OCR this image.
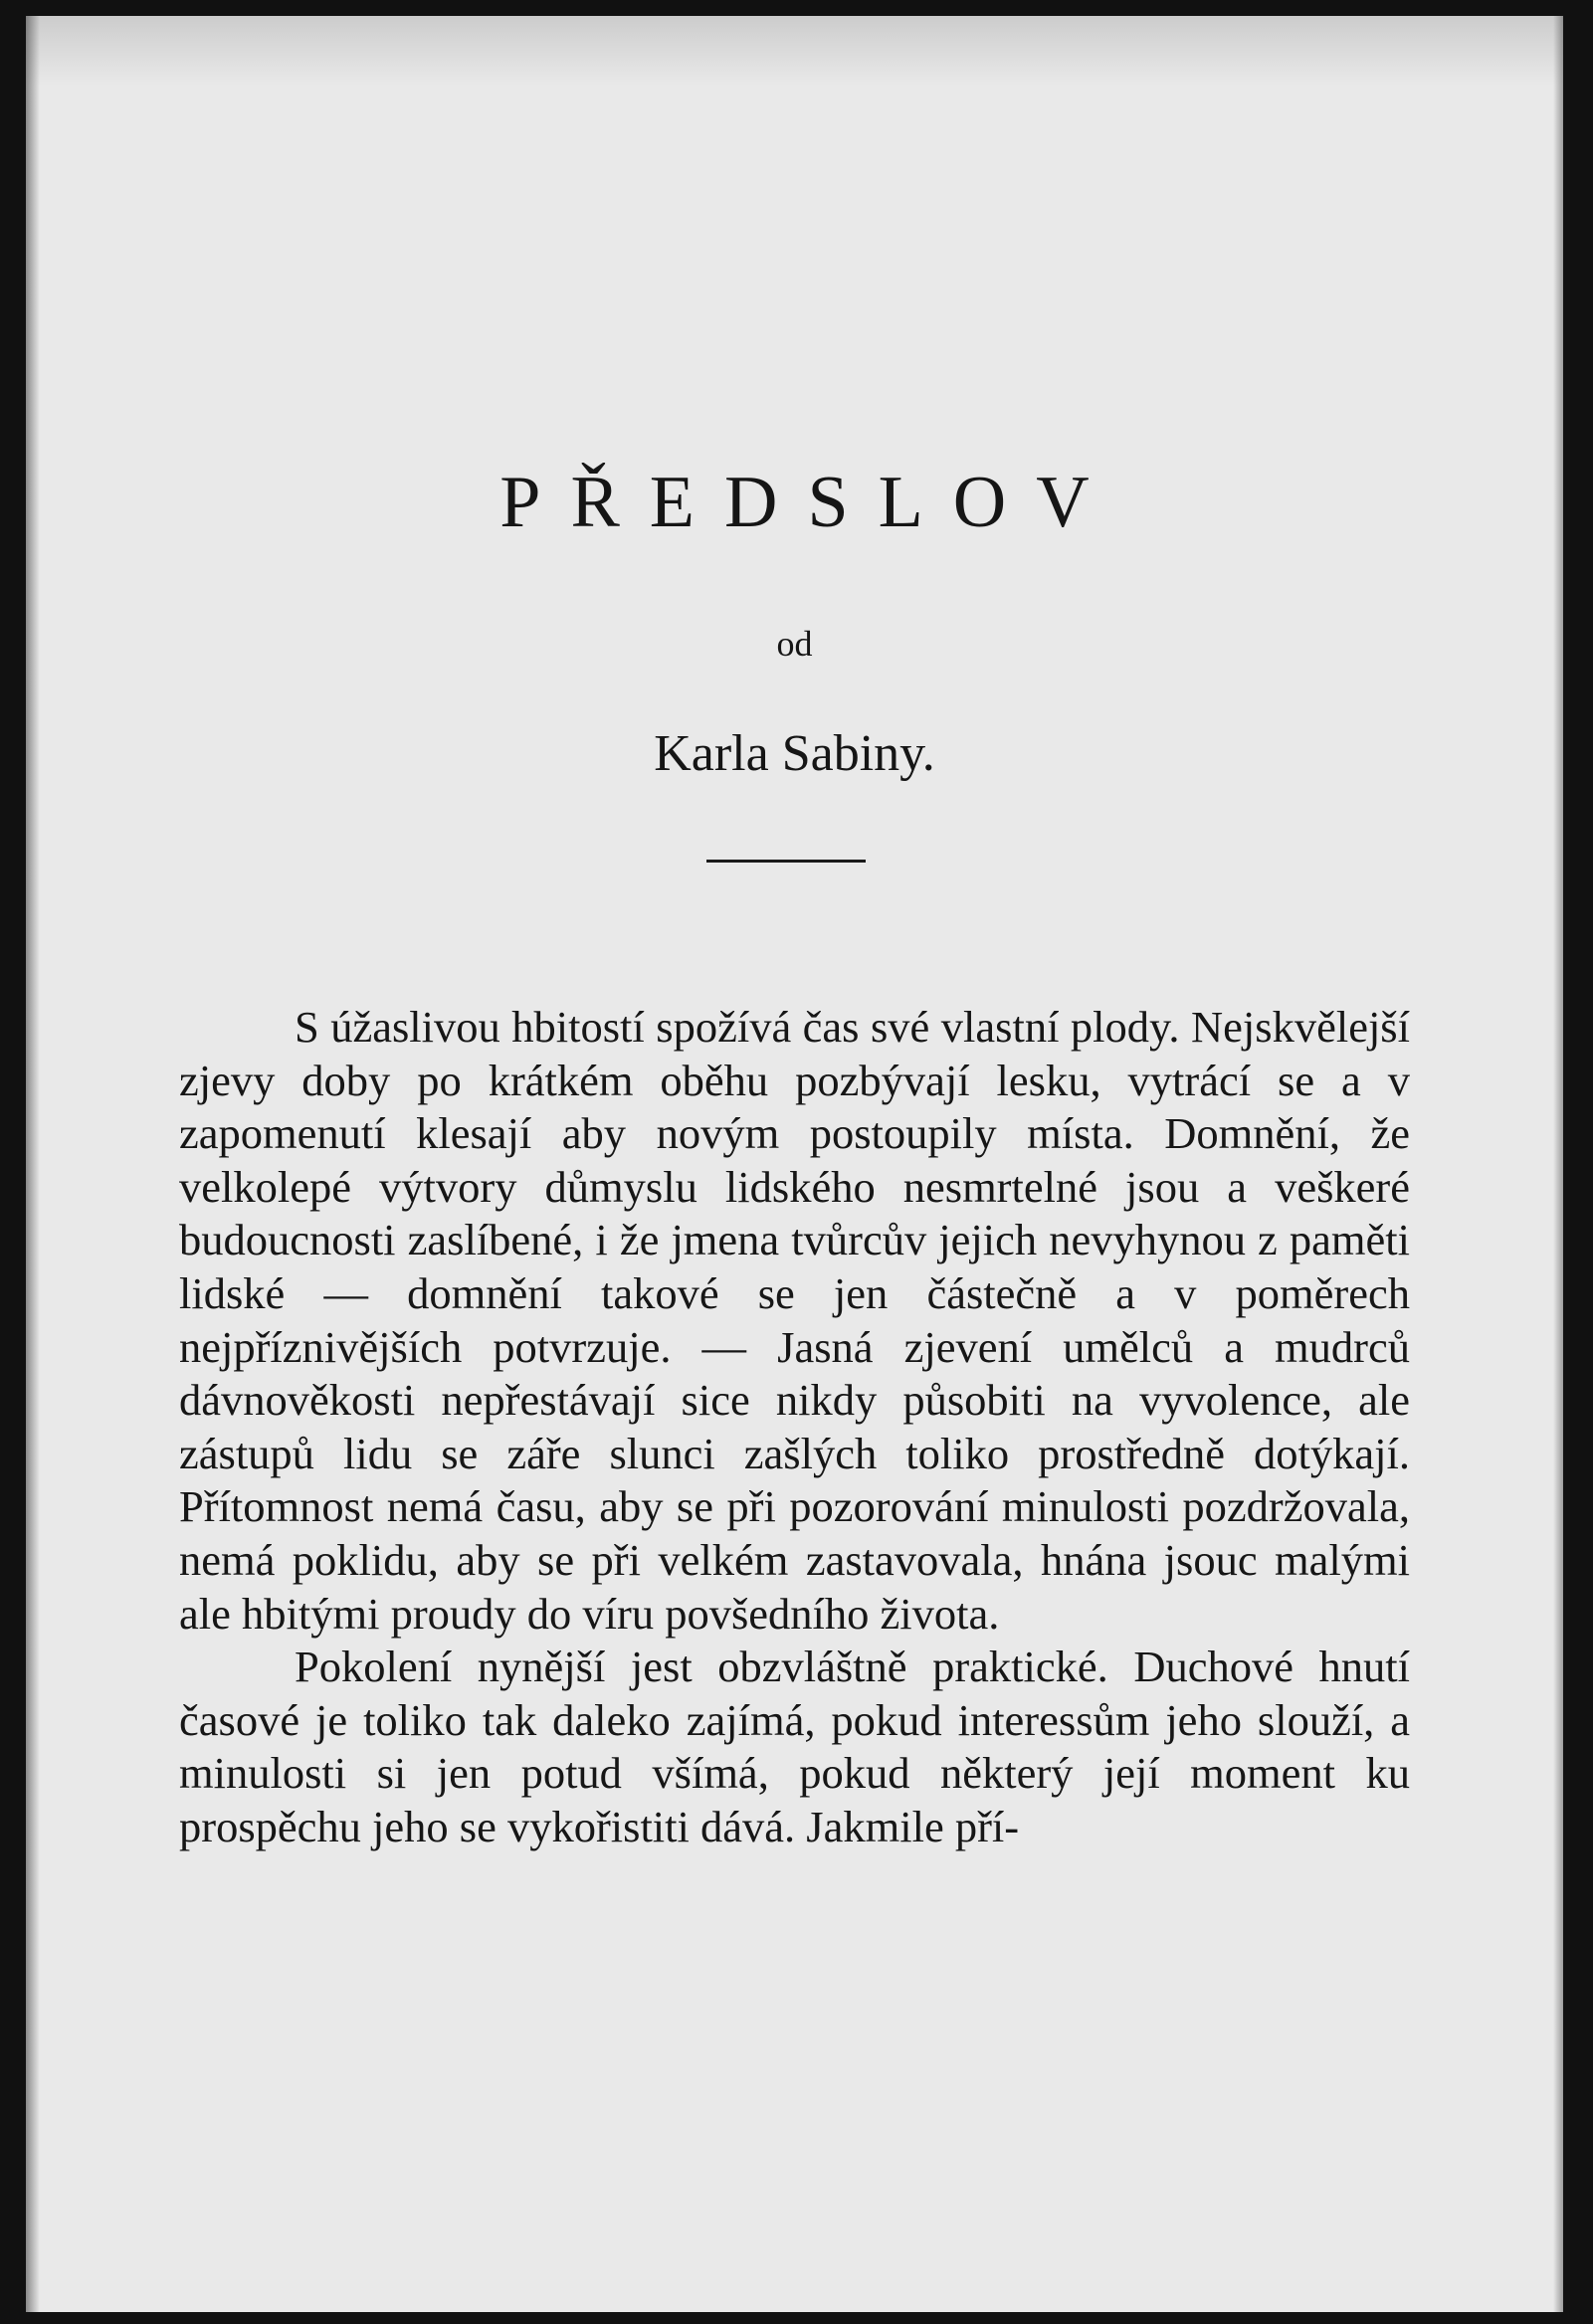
PŘEDSLOV
od
Karla Sabiny.

S úžaslivou hbitostí spožívá čas své vlastní plody. Nejskvělejší zjevy doby po krátkém oběhu pozbývají lesku, vytrácí se a v zapomenutí klesají aby novým postoupily místa. Domnění, že velkolepé výtvory důmyslu lidského nesmrtelné jsou a veškeré budoucnosti zaslíbené, i že jmena tvůrcův jejich nevyhynou z paměti lidské — domnění takové se jen částečně a v poměrech nejpříznivějších potvrzuje. — Jasná zjevení umělců a mudrců dávnověkosti nepřestávají sice nikdy působiti na vyvolence, ale zástupů lidu se záře slunci zašlých toliko prostředně dotýkají. Přítomnost nemá času, aby se při pozorování minulosti pozdržovala, nemá poklidu, aby se při velkém zastavovala, hnána jsouc malými ale hbitými proudy do víru povšedního života.

Pokolení nynější jest obzvláštně praktické. Duchové hnutí časové je toliko tak daleko zajímá, pokud interessům jeho slouží, a minulosti si jen potud všímá, pokud některý její moment ku prospěchu jeho se vykořistiti dává. Jakmile pří-
